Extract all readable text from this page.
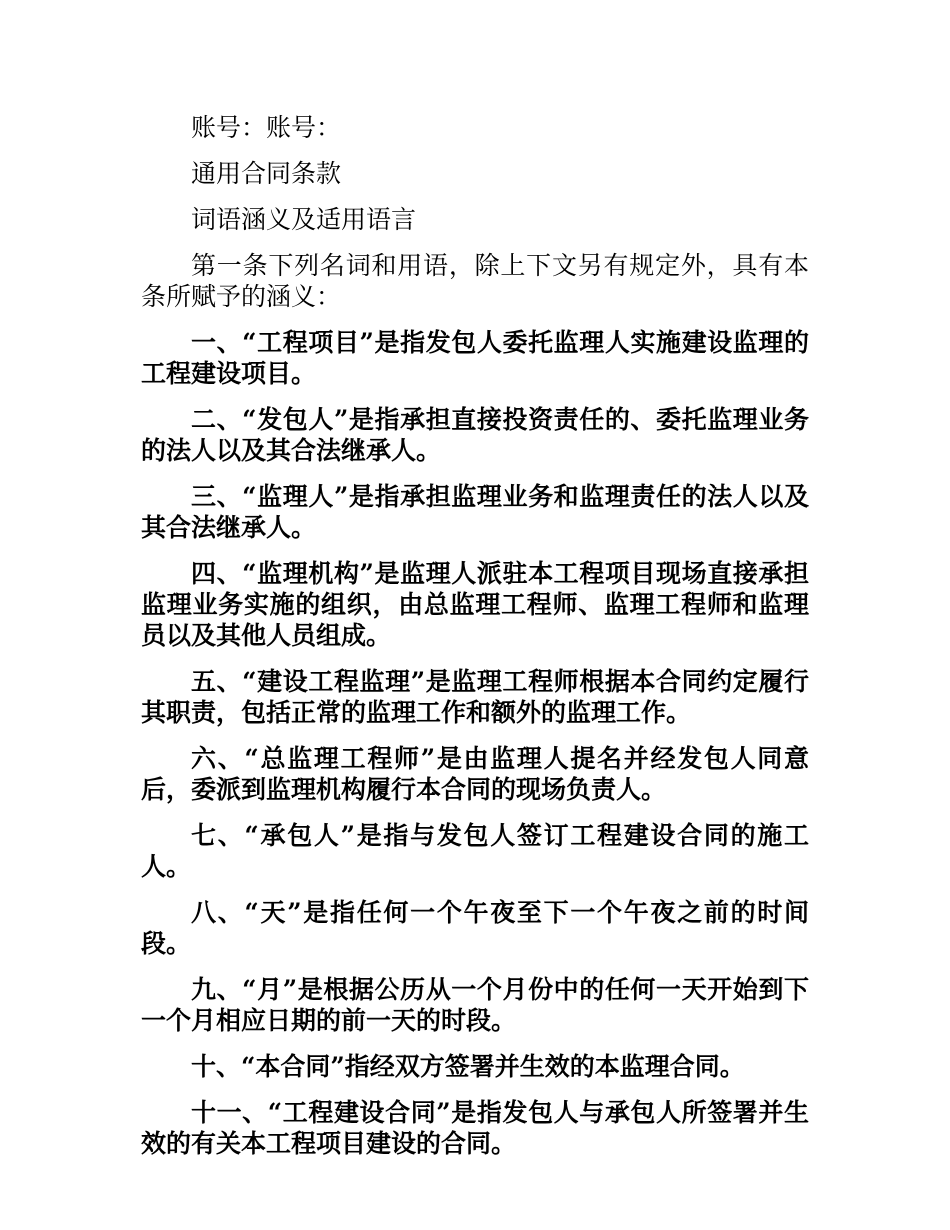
账号：账号：

通用合同条款

词语涵义及适用语言

第一条下列名词和用语，除上下文另有规定外，具有本条所赋予的涵义：

一、“工程项目”是指发包人委托监理人实施建设监理的工程建设项目。

二、“发包人”是指承担直接投资责任的、委托监理业务的法人以及其合法继承人。

三、“监理人”是指承担监理业务和监理责任的法人以及其合法继承人。

四、“监理机构”是监理人派驻本工程项目现场直接承担监理业务实施的组织，由总监理工程师、监理工程师和监理员以及其他人员组成。

五、“建设工程监理”是监理工程师根据本合同约定履行其职责，包括正常的监理工作和额外的监理工作。

六、“总监理工程师”是由监理人提名并经发包人同意后，委派到监理机构履行本合同的现场负责人。

七、“承包人”是指与发包人签订工程建设合同的施工人。

八、“天”是指任何一个午夜至下一个午夜之前的时间段。

九、“月”是根据公历从一个月份中的任何一天开始到下一个月相应日期的前一天的时段。

十、“本合同”指经双方签署并生效的本监理合同。

十一、“工程建设合同”是指发包人与承包人所签署并生效的有关本工程项目建设的合同。
